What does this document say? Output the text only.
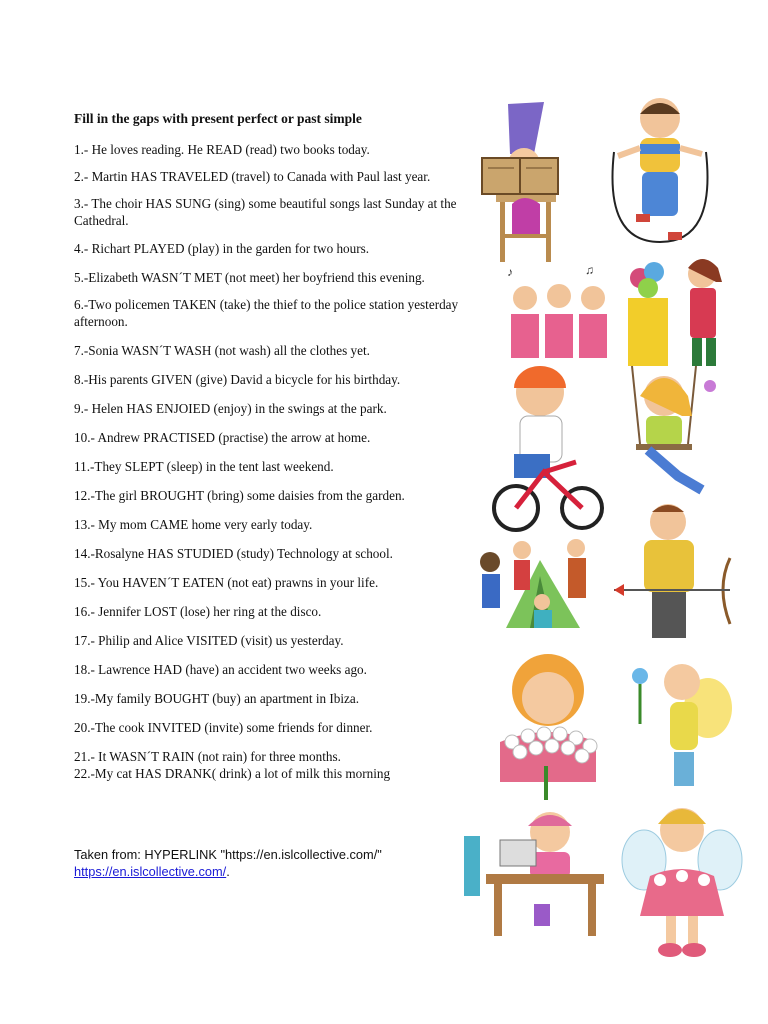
Fill in the gaps with present perfect or past simple
1.- He loves reading. He READ (read) two books today.
2.- Martin HAS TRAVELED (travel) to Canada with Paul last year.
3.- The choir HAS SUNG (sing) some beautiful songs last Sunday at the Cathedral.
4.- Richart PLAYED (play) in the garden for two hours.
5.-Elizabeth WASN´T MET (not meet) her boyfriend this evening.
6.-Two policemen TAKEN (take) the thief to the police station yesterday afternoon.
7.-Sonia WASN´T WASH (not wash) all the clothes yet.
8.-His parents GIVEN (give) David a bicycle for his birthday.
9.- Helen HAS ENJOIED (enjoy) in the swings at the park.
10.- Andrew PRACTISED (practise) the arrow at home.
11.-They SLEPT (sleep) in the tent last weekend.
12.-The girl BROUGHT (bring) some daisies from the garden.
13.- My mom CAME home very early today.
14.-Rosalyne HAS STUDIED (study) Technology at school.
15.- You HAVEN´T EATEN (not eat) prawns in your life.
16.- Jennifer LOST (lose) her ring at the disco.
17.- Philip and Alice VISITED (visit) us yesterday.
18.- Lawrence HAD (have) an accident two weeks ago.
19.-My family BOUGHT (buy) an apartment in Ibiza.
20.-The cook INVITED (invite) some friends for dinner.
21.- It WASN´T RAIN (not rain) for three months.
22.-My cat HAS DRANK( drink) a lot of milk this morning
Taken from: HYPERLINK "https://en.islcollective.com/"
https://en.islcollective.com/.
♪	♫
